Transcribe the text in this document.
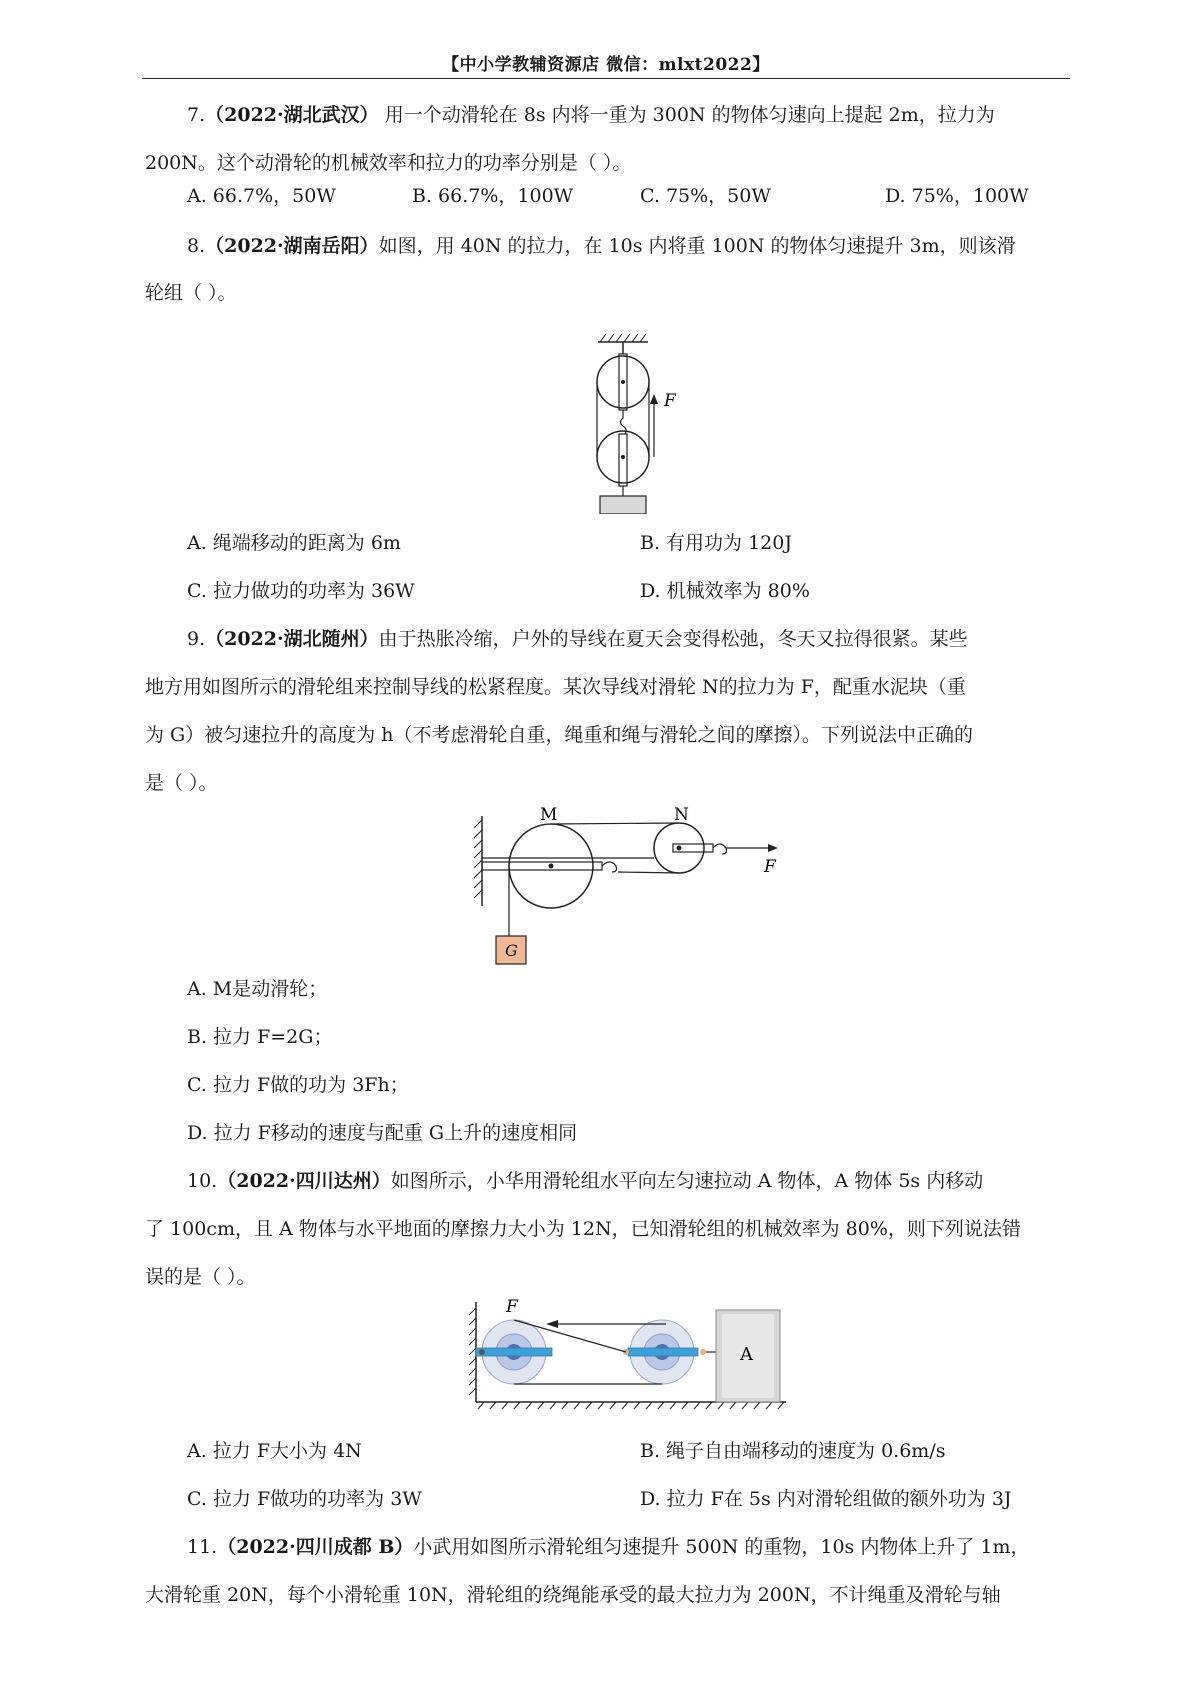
【中小学教辅资源店 微信：mlxt2022】
7.（2022·湖北武汉） 用一个动滑轮在 8s 内将一重为 300N 的物体匀速向上提起 2m，拉力为
200N。这个动滑轮的机械效率和拉力的功率分别是（ ）。
A. 66.7%，50W	B. 66.7%，100W	C. 75%，50W	D. 75%，100W
8.（2022·湖南岳阳）如图，用 40N 的拉力，在 10s 内将重 100N 的物体匀速提升 3m，则该滑
轮组（ ）。
F
A. 绳端移动的距离为 6m	B. 有用功为 120J
C. 拉力做功的功率为 36W	D. 机械效率为 80%
9.（2022·湖北随州）由于热胀冷缩，户外的导线在夏天会变得松弛，冬天又拉得很紧。某些
地方用如图所示的滑轮组来控制导线的松紧程度。某次导线对滑轮 N的拉力为 F，配重水泥块（重
为 G）被匀速拉升的高度为 h（不考虑滑轮自重，绳重和绳与滑轮之间的摩擦）。下列说法中正确的
是（ ）。
G
M	N
F
A. M是动滑轮；
B. 拉力 F=2G；
C. 拉力 F做的功为 3Fh；
D. 拉力 F移动的速度与配重 G上升的速度相同
10.（2022·四川达州）如图所示，小华用滑轮组水平向左匀速拉动 A 物体，A 物体 5s 内移动
了 100cm，且 A 物体与水平地面的摩擦力大小为 12N，已知滑轮组的机械效率为 80%，则下列说法错
误的是（ ）。
F
A
A. 拉力 F大小为 4N	B. 绳子自由端移动的速度为 0.6m/s
C. 拉力 F做功的功率为 3W	D. 拉力 F在 5s 内对滑轮组做的额外功为 3J
11.（2022·四川成都 B）小武用如图所示滑轮组匀速提升 500N 的重物，10s 内物体上升了 1m，
大滑轮重 20N，每个小滑轮重 10N，滑轮组的绕绳能承受的最大拉力为 200N，不计绳重及滑轮与轴
